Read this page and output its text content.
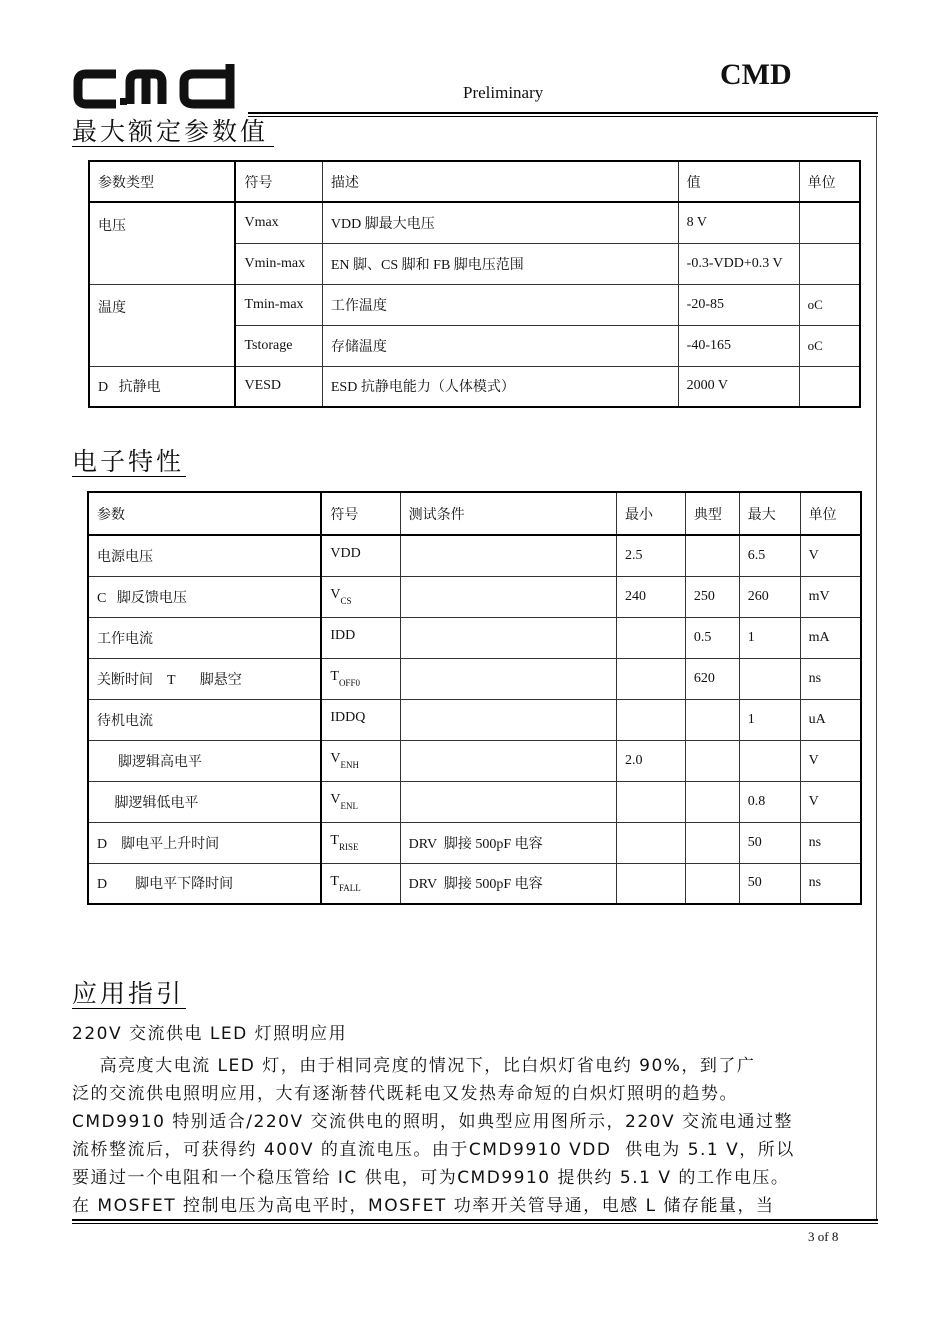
Preliminary
CMD
最大额定参数值
参数类型	符号	描述	值	单位
电压	Vmax	VDD 脚最大电压	8 V	
	Vmin-max	EN 脚、CS 脚和 FB 脚电压范围	-0.3-VDD+0.3 V	
温度	Tmin-max	工作温度	-20-85	oC
	Tstorage	存储温度	-40-165	oC
D   抗静电	VESD	ESD 抗静电能力（人体模式）	2000 V	
电子特性
参数	符号	测试条件	最小	典型	最大	单位
电源电压	VDD		2.5		6.5	V
C   脚反馈电压	$V_{CS}$		240	250	260	mV
工作电流	IDD			0.5	1	mA
关断时间    T       脚悬空	$T_{OFF0}$			620		ns
待机电流	IDDQ				1	uA
脚逻辑高电平	$V_{ENH}$		2.0			V
脚逻辑低电平	$V_{ENL}$				0.8	V
D    脚电平上升时间	$T_{RISE}$	DRV  脚接 500pF 电容			50	ns
D        脚电平下降时间	$T_{FALL}$	DRV  脚接 500pF 电容			50	ns
应用指引
220V 交流供电 LED 灯照明应用
高亮度大电流 LED 灯，由于相同亮度的情况下，比白炽灯省电约 90%，到了广
泛的交流供电照明应用，大有逐渐替代既耗电又发热寿命短的白炽灯照明的趋势。
CMD9910 特别适合/220V 交流供电的照明，如典型应用图所示，220V 交流电通过整
流桥整流后，可获得约 400V 的直流电压。由于CMD9910 VDD  供电为 5.1 V，所以
要通过一个电阻和一个稳压管给 IC 供电，可为CMD9910 提供约 5.1 V 的工作电压。
在 MOSFET 控制电压为高电平时，MOSFET 功率开关管导通，电感 L 储存能量，当
3 of 8
